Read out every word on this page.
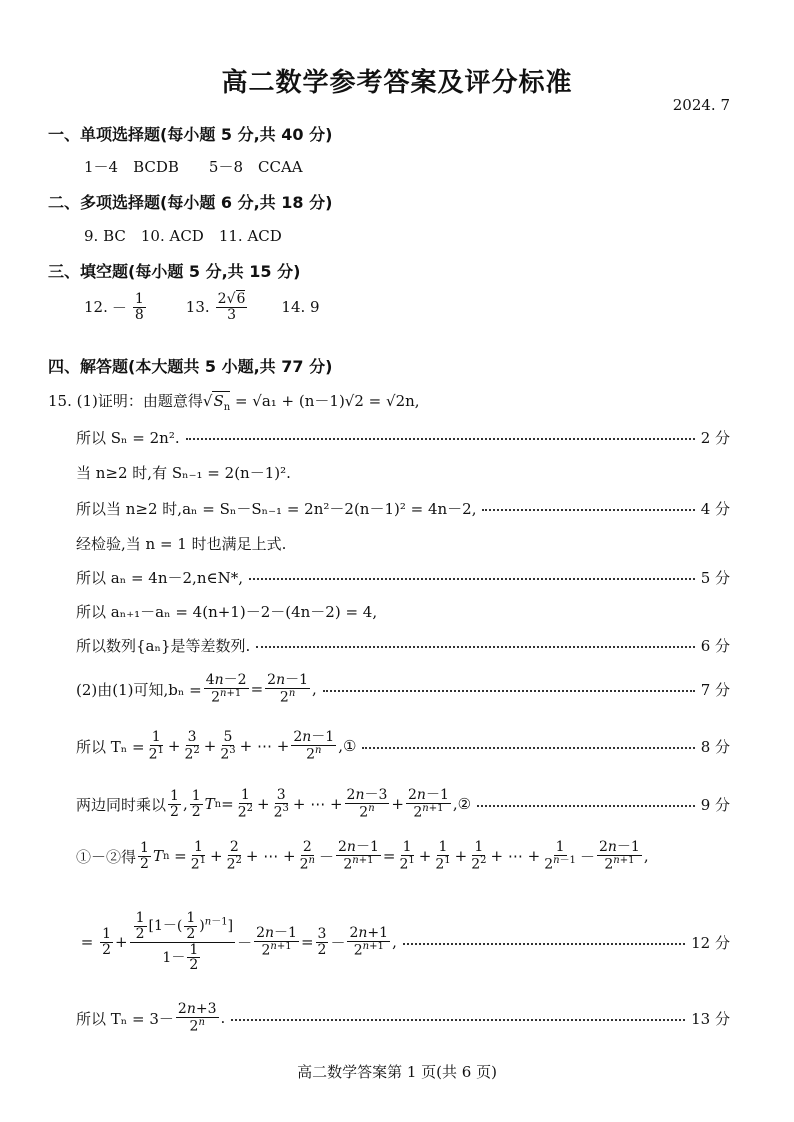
高二数学参考答案及评分标准
2024. 7
一、单项选择题(每小题 5 分,共 40 分)
1－4　BCDB　　5－8　CCAA
二、多项选择题(每小题 6 分,共 18 分)
9. BC　10. ACD　11. ACD
三、填空题(每小题 5 分,共 15 分)
12. － $\frac{1}{8}$	13. $\frac{2√6}{3} 14$. 9
四、解答题(本大题共 5 小题,共 77 分)
15. (1)证明：由题意得$√S_n = √a_1 + (n-1)√2 = √2n$,
所以 Sₙ = 2n².	2 分
当 n≥2 时,有 Sₙ₋₁ = 2(n－1)².
所以当 n≥2 时,aₙ = Sₙ－Sₙ₋₁ = 2n²－2(n－1)² = 4n－2,	4 分
经检验,当 n = 1 时也满足上式.
所以 aₙ = 4n－2,n∈N*,	5 分
所以 aₙ₊₁－aₙ = 4(n+1)－2－(4n－2) = 4,
所以数列{aₙ}是等差数列.	6 分
(2)由(1)可知$,b_n = \frac{4n-2}{2^{n+1}} = \frac{2n-1}{2^n}$ ,	7 分
所以 $T_n = \frac{1}{2^1} + \frac{3}{2^2} + \frac{5}{2^3}$ + ⋯ + $\frac{2n-1}{2^n}$ ,①	8 分
两边同时乘以 $\frac{1}{2}$ , $\frac{1}{2}$ T $n = \frac{1}{2^2} + \frac{3}{2^3}$ + ⋯ + $\frac{2n-3}{2^n} + \frac{2n-1}{2^{n+1}}$ ,②	9 分
①－②得 $\frac{1}{2}$ T $n = \frac{1}{2^1} + \frac{2}{2^2}$ + ⋯ + $\frac{2}{2^n} - \frac{2n-1}{2^{n+1}} = \frac{1}{2^1} + \frac{1}{2^1} + \frac{1}{2^2}$ + ⋯ + $\frac{1}{2^{n-1}} - \frac{2n-1}{2^{n+1}}$ ,
= $\frac{1}{2} + \frac{\frac{1}{2} [1-( \frac{1}{2} )^{n-1}]}{1- \frac{1}{2}} - \frac{2n-1}{2^{n+1}} = \frac{3}{2} - \frac{2n+1}{2^{n+1}}$ ,	12 分
所以 $T_n = 3- \frac{2n+3}{2^n}$ .	13 分
高二数学答案第 1 页(共 6 页)
